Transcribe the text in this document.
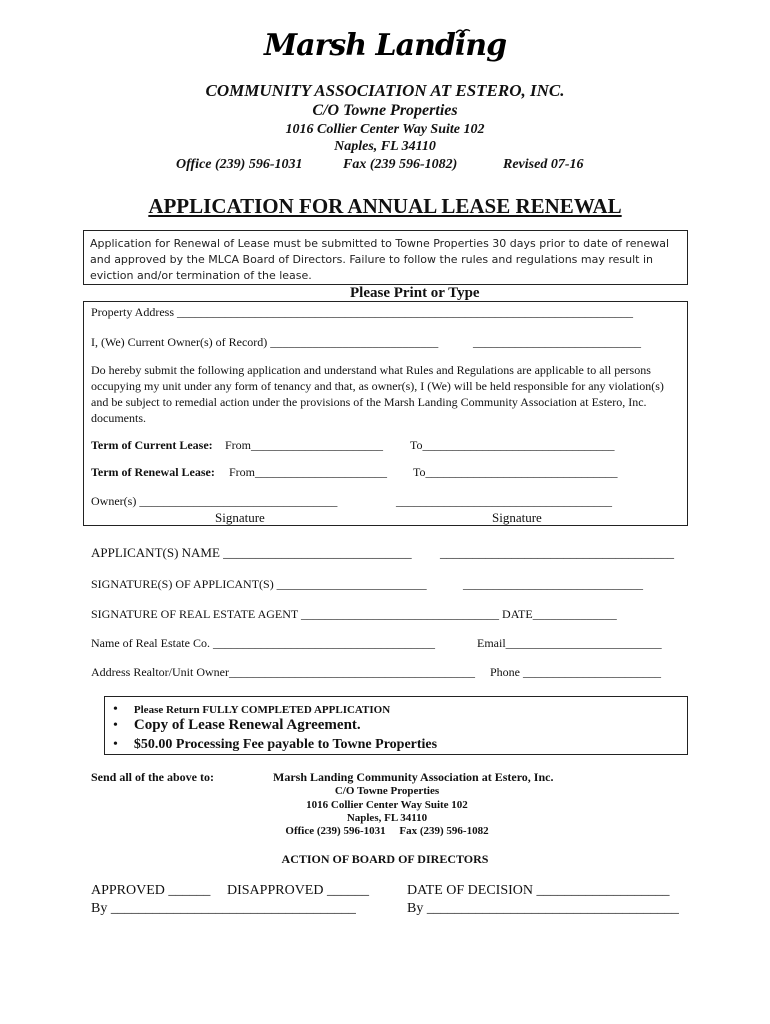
Marsh Landing
COMMUNITY ASSOCIATION AT ESTERO, INC.
C/O Towne Properties
1016 Collier Center Way Suite 102
Naples, FL 34110
Office (239) 596-1031	Fax (239 596-1082)	Revised 07-16
APPLICATION FOR ANNUAL LEASE RENEWAL

Application for Renewal of Lease must be submitted to Towne Properties 30 days prior to date of renewal and approved by the MLCA Board of Directors. Failure to follow the rules and regulations may result in eviction and/or termination of the lease.

Please Print or Type
Property Address ____________________________________________________________________________
I, (We) Current Owner(s) of Record) ____________________________	____________________________
Do hereby submit the following application and understand what Rules and Regulations are applicable to all persons occupying my unit under any form of tenancy and that, as owner(s), I (We) will be held responsible for any violation(s) and be subject to remedial action under the provisions of the Marsh Landing Community Association at Estero, Inc. documents.
Term of Current Lease: From______________________ To________________________________
Term of Renewal Lease: From______________________ To________________________________
Owner(s) _________________________________	____________________________________
Signature	Signature
APPLICANT(S) NAME _____________________________ ____________________________________
SIGNATURE(S) OF APPLICANT(S) _________________________	______________________________
SIGNATURE OF REAL ESTATE AGENT _________________________________ DATE______________
Name of Real Estate Co. _____________________________________	Email__________________________
Address Realtor/Unit Owner_________________________________________ Phone _______________________
• Please Return FULLY COMPLETED APPLICATION
• Copy of Lease Renewal Agreement.
• $50.00 Processing Fee payable to Towne Properties
Send all of the above to:	Marsh Landing Community Association at Estero, Inc.
C/O Towne Properties
1016 Collier Center Way Suite 102
Naples, FL 34110
Office (239) 596-1031     Fax (239) 596-1082
ACTION OF BOARD OF DIRECTORS
APPROVED ______ DISAPPROVED ______	DATE OF DECISION ___________________
By ___________________________________	By ____________________________________
